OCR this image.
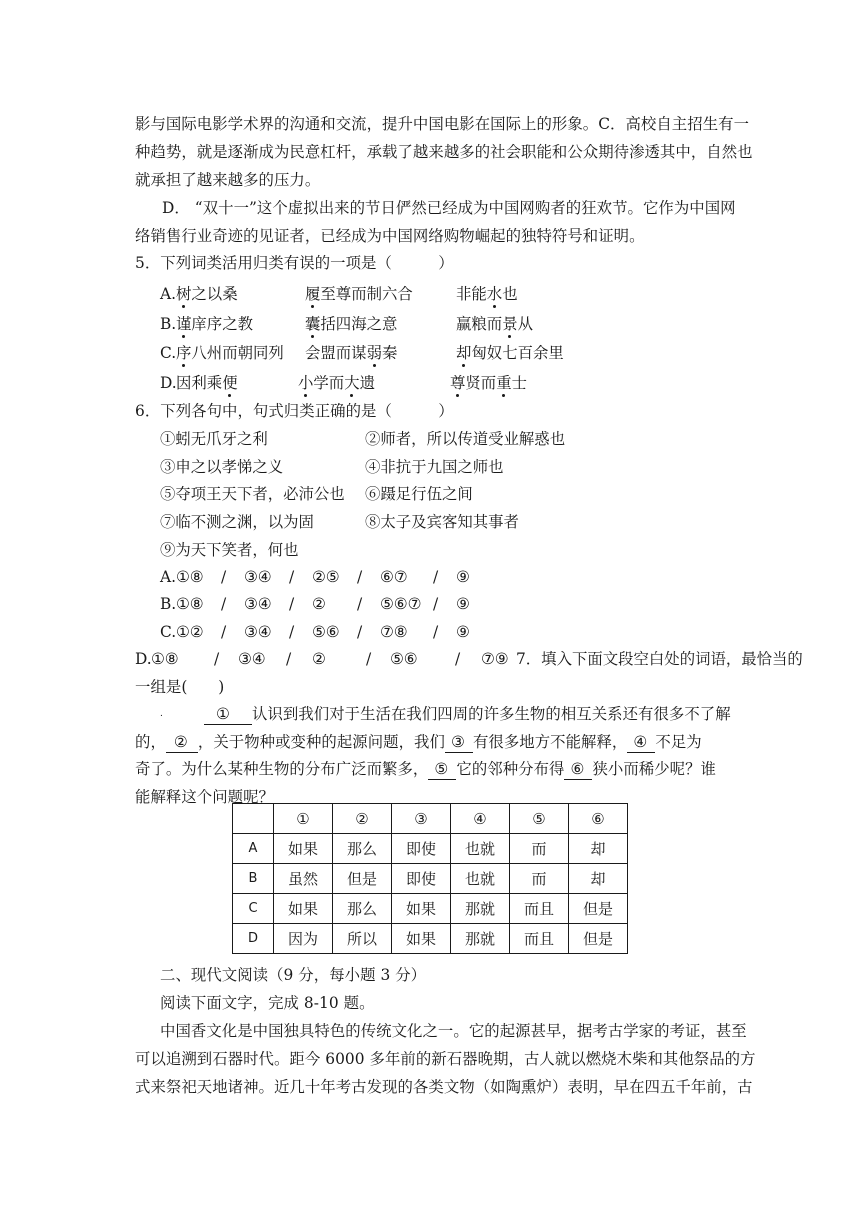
影与国际电影学术界的沟通和交流，提升中国电影在国际上的形象。C．高校自主招生有一
种趋势，就是逐渐成为民意杠杆，承载了越来越多的社会职能和公众期待渗透其中，自然也
就承担了越来越多的压力。
D． “双十一”这个虚拟出来的节日俨然已经成为中国网购者的狂欢节。它作为中国网
络销售行业奇迹的见证者，已经成为中国网络购物崛起的独特符号和证明。
5．下列词类活用归类有误的一项是（　　　）
A. 树之以桑	履至尊而制六合	非能水也
B. 谨庠序之教	囊括四海之意	赢粮而景从
C. 序八州而朝同列 会盟而谋弱秦	却匈奴七百余里
D. 因利乘便	小学而大遗	尊贤而重士
6．下列各句中，句式归类正确的是（　　　）
①蚓无爪牙之利	②师者，所以传道受业解惑也
③申之以孝悌之义	④非抗于九国之师也
⑤夺项王天下者，必沛公也 ⑥蹑足行伍之间
⑦临不测之渊，以为固	⑧太子及宾客知其事者
⑨为天下笑者，何也
A. ①⑧ / ③④ / ②⑤ / ⑥⑦ / ⑨
B. ①⑧ / ③④ / ② / ⑤⑥⑦ / ⑨
C. ①② / ③④ / ⑤⑥ / ⑦⑧ / ⑨
D. ①⑧ / ③④ / ②	/ ⑤⑥ / ⑦⑨ 7．填入下面文段空白处的词语，最恰当的
一组是(　　)
.	① 认识到我们对于生活在我们四周的许多生物的相互关系还有很多不了解
的， ② ，关于物种或变种的起源问题，我们 ③ 有很多地方不能解释， ④ 不足为
奇了。为什么某种生物的分布广泛而繁多， ⑤ 它的邻种分布得 ⑥ 狭小而稀少呢？谁
能解释这个问题呢？
	①	②	③	④	⑤	⑥
A	如果	那么	即使	也就	而	却
B	虽然	但是	即使	也就	而	却
C	如果	那么	如果	那就	而且	但是
D	因为	所以	如果	那就	而且	但是
二、现代文阅读（9 分，每小题 3 分）
阅读下面文字，完成 8-10 题。
中国香文化是中国独具特色的传统文化之一。它的起源甚早，据考古学家的考证，甚至
可以追溯到石器时代。距今 6000 多年前的新石器晚期，古人就以燃烧木柴和其他祭品的方
式来祭祀天地诸神。近几十年考古发现的各类文物（如陶熏炉）表明，早在四五千年前，古
